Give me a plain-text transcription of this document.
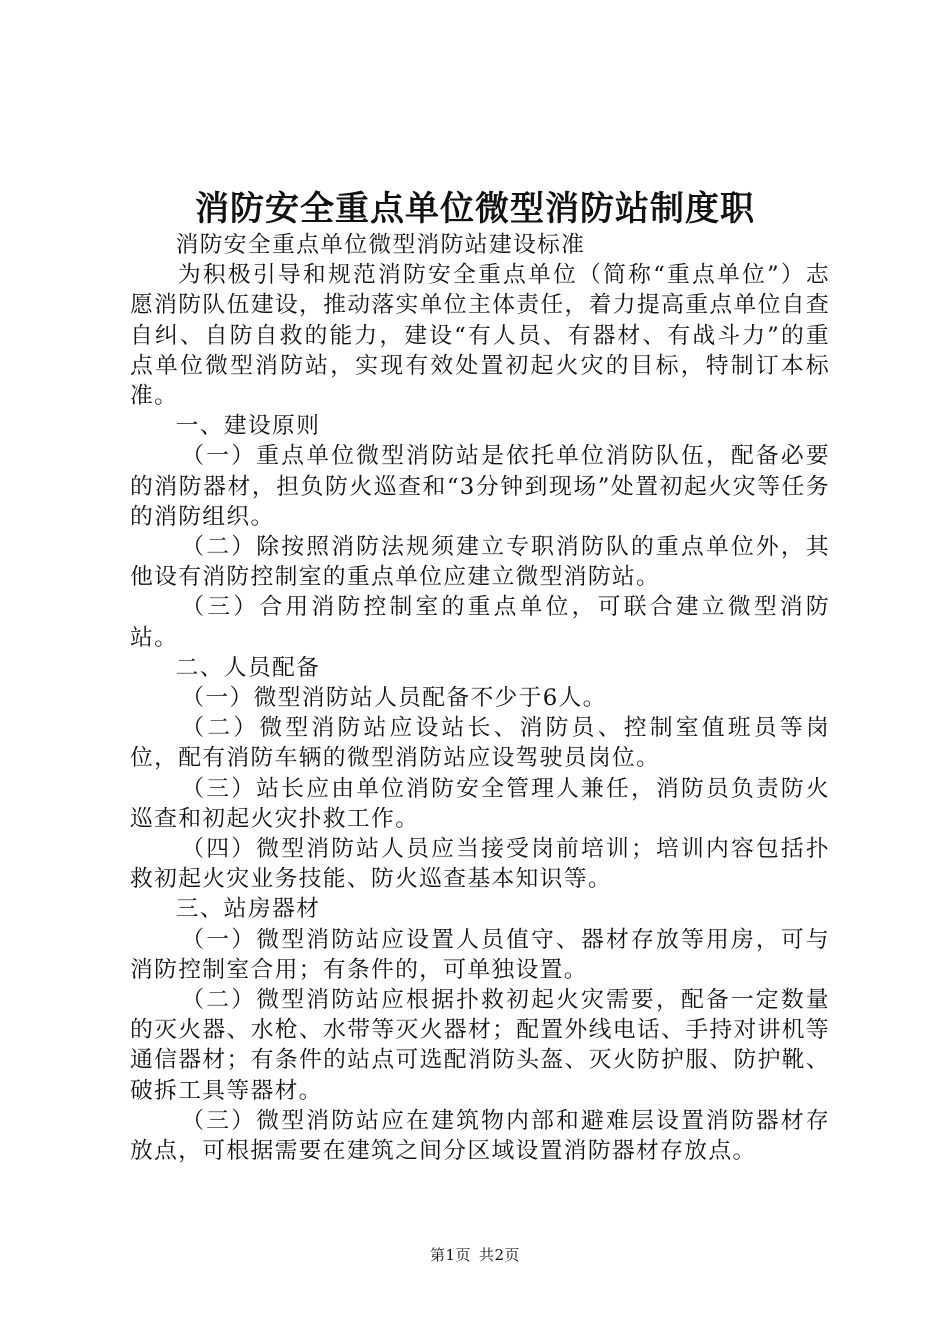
消防安全重点单位微型消防站制度职

消防安全重点单位微型消防站建设标准

为积极引导和规范消防安全重点单位（简称“重点单位”）志愿消防队伍建设，推动落实单位主体责任，着力提高重点单位自查自纠、自防自救的能力，建设“有人员、有器材、有战斗力”的重点单位微型消防站，实现有效处置初起火灾的目标，特制订本标准。

一、建设原则

（一）重点单位微型消防站是依托单位消防队伍，配备必要的消防器材，担负防火巡查和“3分钟到现场”处置初起火灾等任务的消防组织。

（二）除按照消防法规须建立专职消防队的重点单位外，其他设有消防控制室的重点单位应建立微型消防站。

（三）合用消防控制室的重点单位，可联合建立微型消防站。

二、人员配备

（一）微型消防站人员配备不少于6人。

（二）微型消防站应设站长、消防员、控制室值班员等岗位，配有消防车辆的微型消防站应设驾驶员岗位。

（三）站长应由单位消防安全管理人兼任，消防员负责防火巡查和初起火灾扑救工作。

（四）微型消防站人员应当接受岗前培训；培训内容包括扑救初起火灾业务技能、防火巡查基本知识等。

三、站房器材

（一）微型消防站应设置人员值守、器材存放等用房，可与消防控制室合用；有条件的，可单独设置。

（二）微型消防站应根据扑救初起火灾需要，配备一定数量的灭火器、水枪、水带等灭火器材；配置外线电话、手持对讲机等通信器材；有条件的站点可选配消防头盔、灭火防护服、防护靴、破拆工具等器材。

（三）微型消防站应在建筑物内部和避难层设置消防器材存放点，可根据需要在建筑之间分区域设置消防器材存放点。

第1页 共2页
